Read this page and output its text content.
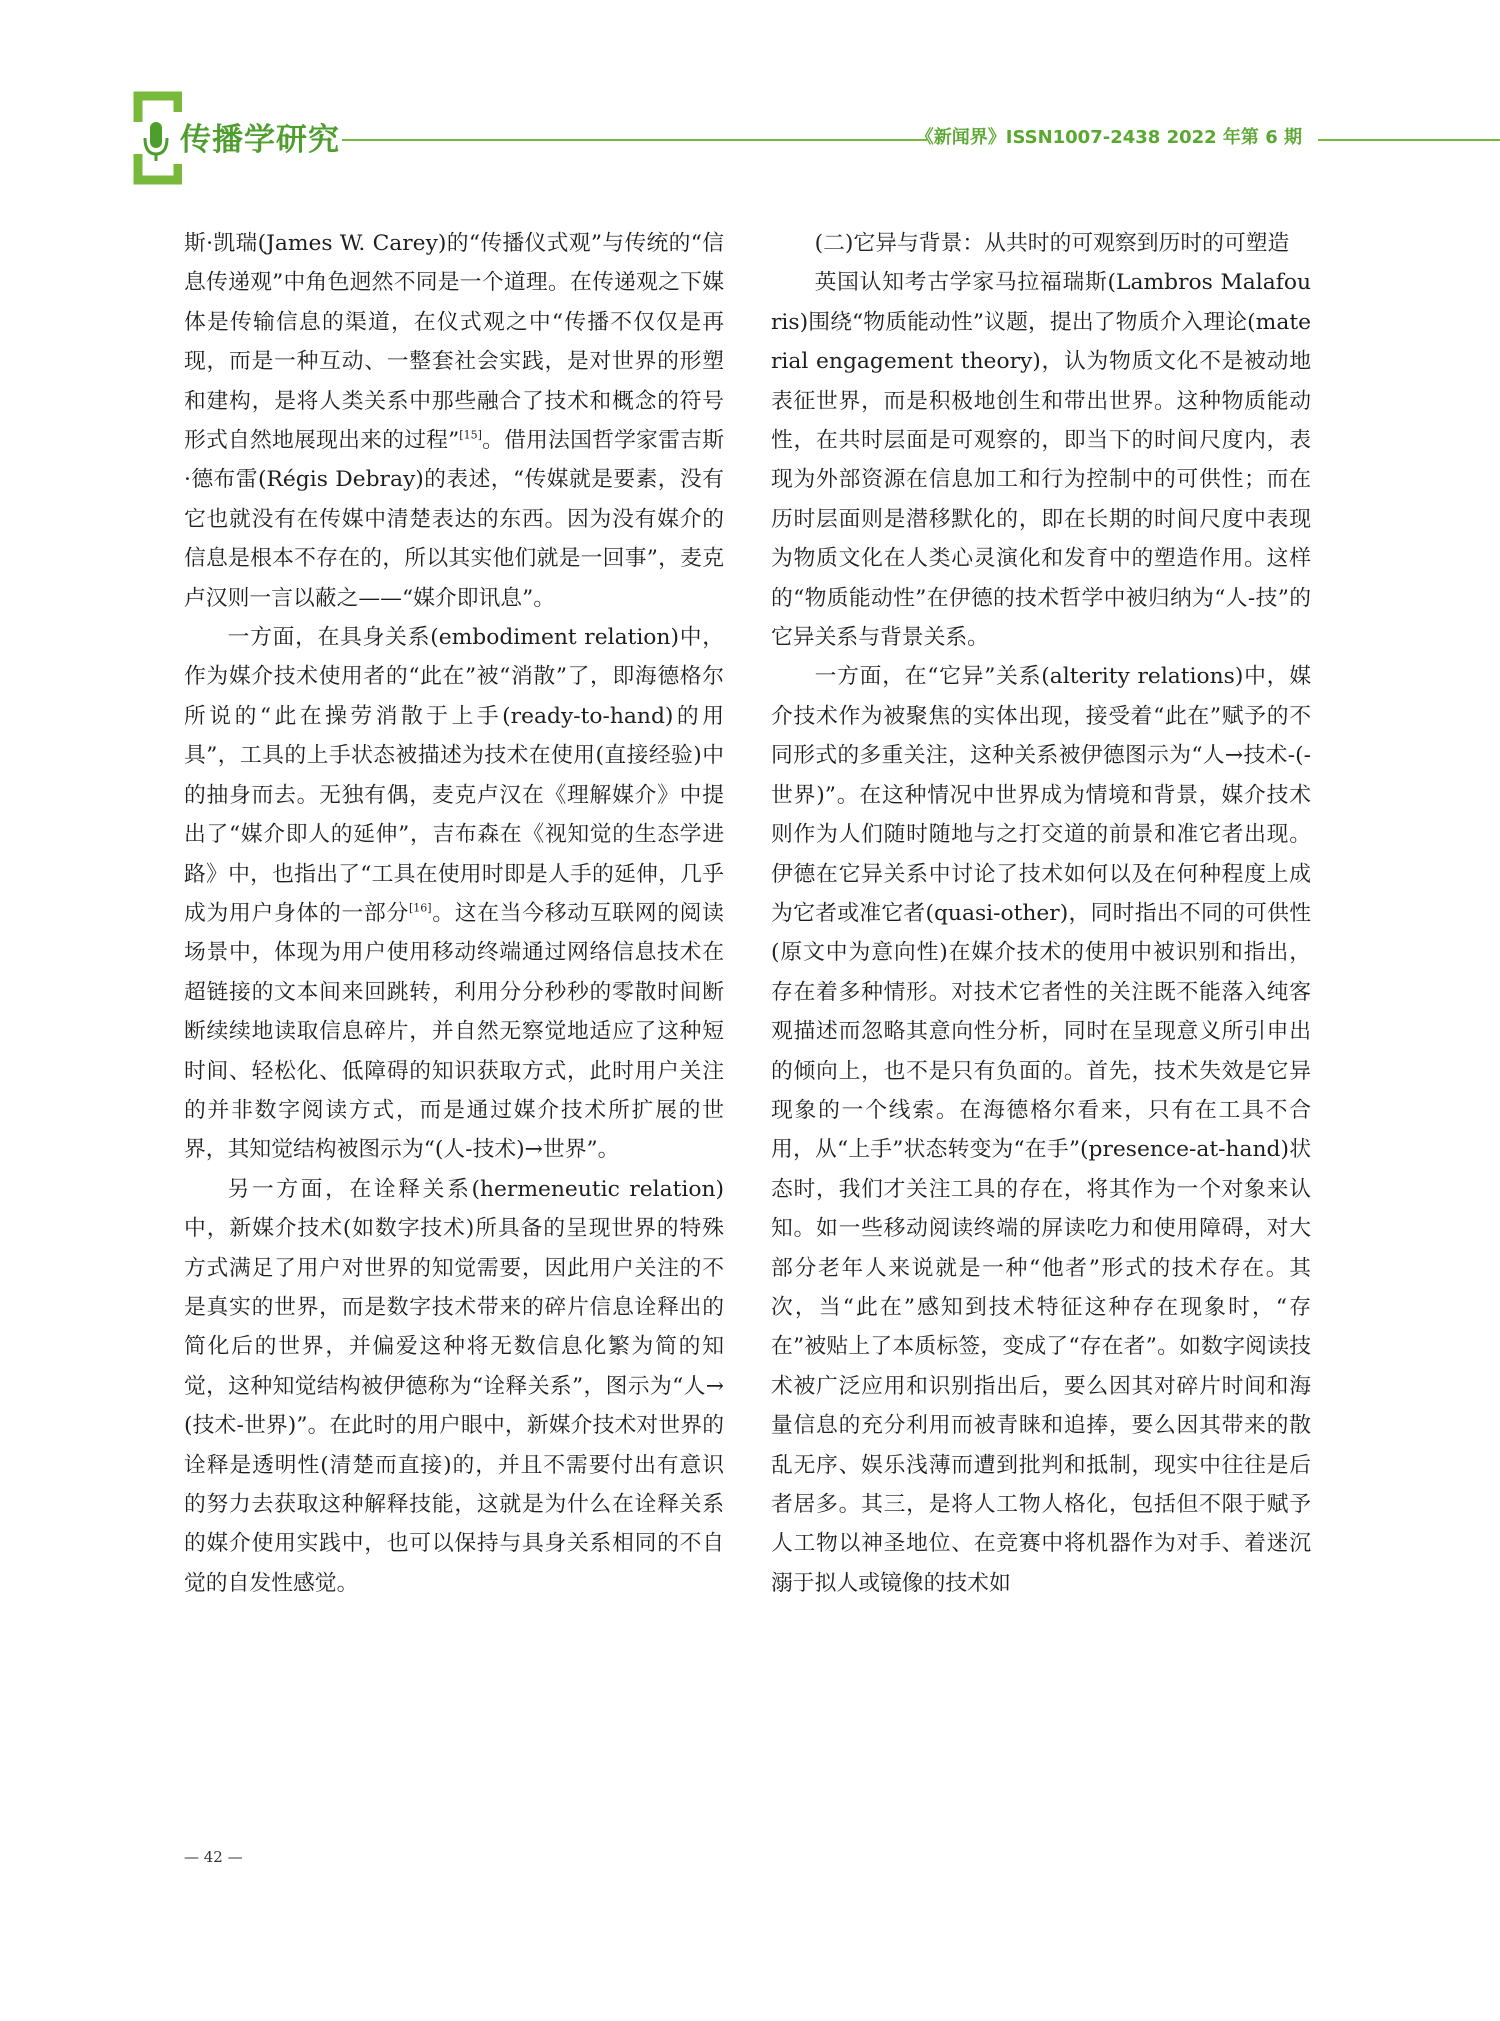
传播学研究	《新闻界》ISSN1007-2438 2022 年第 6 期

斯·凯瑞(James W. Carey)的“传播仪式观”与传统的“信息传递观”中角色迥然不同是一个道理。在传递观之下媒体是传输信息的渠道，在仪式观之中“传播不仅仅是再现，而是一种互动、一整套社会实践，是对世界的形塑和建构，是将人类关系中那些融合了技术和概念的符号形式自然地展现出来的过程”[15]。借用法国哲学家雷吉斯·德布雷(Régis Debray)的表述，“传媒就是要素，没有它也就没有在传媒中清楚表达的东西。因为没有媒介的信息是根本不存在的，所以其实他们就是一回事”，麦克卢汉则一言以蔽之——“媒介即讯息”。

一方面，在具身关系(embodiment relation)中，作为媒介技术使用者的“此在”被“消散”了，即海德格尔所说的“此在操劳消散于上手(ready-to-hand)的用具”，工具的上手状态被描述为技术在使用(直接经验)中的抽身而去。无独有偶，麦克卢汉在《理解媒介》中提出了“媒介即人的延伸”，吉布森在《视知觉的生态学进路》中，也指出了“工具在使用时即是人手的延伸，几乎成为用户身体的一部分[16]。这在当今移动互联网的阅读场景中，体现为用户使用移动终端通过网络信息技术在超链接的文本间来回跳转，利用分分秒秒的零散时间断断续续地读取信息碎片，并自然无察觉地适应了这种短时间、轻松化、低障碍的知识获取方式，此时用户关注的并非数字阅读方式，而是通过媒介技术所扩展的世界，其知觉结构被图示为“(人-技术)→世界”。

另一方面，在诠释关系(hermeneutic relation)中，新媒介技术(如数字技术)所具备的呈现世界的特殊方式满足了用户对世界的知觉需要，因此用户关注的不是真实的世界，而是数字技术带来的碎片信息诠释出的简化后的世界，并偏爱这种将无数信息化繁为简的知觉，这种知觉结构被伊德称为“诠释关系”，图示为“人→(技术-世界)”。在此时的用户眼中，新媒介技术对世界的诠释是透明性(清楚而直接)的，并且不需要付出有意识的努力去获取这种解释技能，这就是为什么在诠释关系的媒介使用实践中，也可以保持与具身关系相同的不自觉的自发性感觉。

(二)它异与背景：从共时的可观察到历时的可塑造

英国认知考古学家马拉福瑞斯(Lambros Malafouris)围绕“物质能动性”议题，提出了物质介入理论(material engagement theory)，认为物质文化不是被动地表征世界，而是积极地创生和带出世界。这种物质能动性，在共时层面是可观察的，即当下的时间尺度内，表现为外部资源在信息加工和行为控制中的可供性；而在历时层面则是潜移默化的，即在长期的时间尺度中表现为物质文化在人类心灵演化和发育中的塑造作用。这样的“物质能动性”在伊德的技术哲学中被归纳为“人-技”的它异关系与背景关系。

一方面，在“它异”关系(alterity relations)中，媒介技术作为被聚焦的实体出现，接受着“此在”赋予的不同形式的多重关注，这种关系被伊德图示为“人→技术-(-世界)”。在这种情况中世界成为情境和背景，媒介技术则作为人们随时随地与之打交道的前景和准它者出现。伊德在它异关系中讨论了技术如何以及在何种程度上成为它者或准它者(quasi-other)，同时指出不同的可供性(原文中为意向性)在媒介技术的使用中被识别和指出，存在着多种情形。对技术它者性的关注既不能落入纯客观描述而忽略其意向性分析，同时在呈现意义所引申出的倾向上，也不是只有负面的。首先，技术失效是它异现象的一个线索。在海德格尔看来，只有在工具不合用，从“上手”状态转变为“在手”(presence-at-hand)状态时，我们才关注工具的存在，将其作为一个对象来认知。如一些移动阅读终端的屏读吃力和使用障碍，对大部分老年人来说就是一种“他者”形式的技术存在。其次，当“此在”感知到技术特征这种存在现象时，“存在”被贴上了本质标签，变成了“存在者”。如数字阅读技术被广泛应用和识别指出后，要么因其对碎片时间和海量信息的充分利用而被青睐和追捧，要么因其带来的散乱无序、娱乐浅薄而遭到批判和抵制，现实中往往是后者居多。其三，是将人工物人格化，包括但不限于赋予人工物以神圣地位、在竞赛中将机器作为对手、着迷沉溺于拟人或镜像的技术如

— 42 —
